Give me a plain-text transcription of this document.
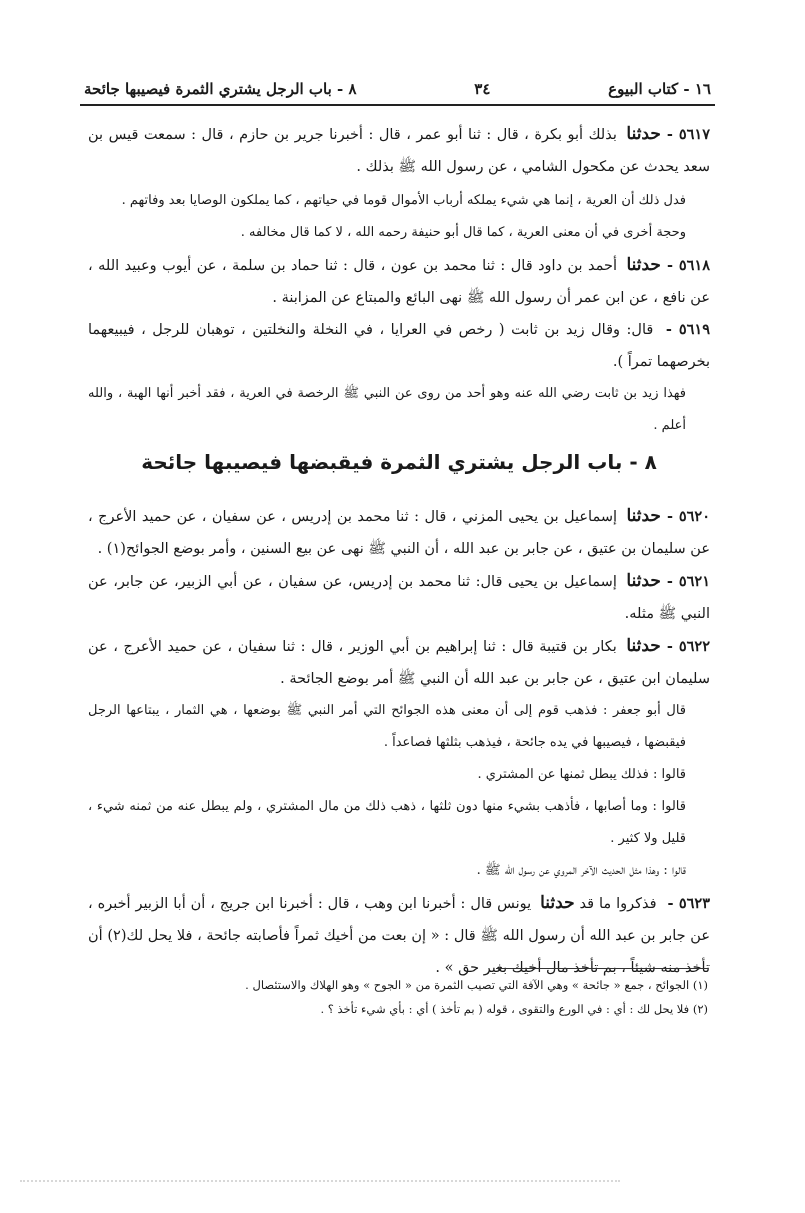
١٦ - كتاب البيوع
٣٤
٨ - باب الرجل يشتري الثمرة فيصيبها جائحة

٥٦١٧ -حدثنا بذلك أبو بكرة ، قال : ثنا أبو عمر ، قال : أخبرنا جرير بن حازم ، قال : سمعت قيس بن سعد يحدث عن مكحول الشامي ، عن رسول الله ﷺ بذلك .

فدل ذلك أن العرية ، إنما هي شيء يملكه أرباب الأموال قوما في حياتهم ، كما يملكون الوصايا بعد وفاتهم .

وحجة أخرى في أن معنى العرية ، كما قال أبو حنيفة رحمه الله ، لا كما قال مخالفه .

٥٦١٨ -حدثنا أحمد بن داود قال : ثنا محمد بن عون ، قال : ثنا حماد بن سلمة ، عن أيوب وعبيد الله ، عن نافع ، عن ابن عمر أن رسول الله ﷺ نهى البائع والمبتاع عن المزابنة .

٥٦١٩ - قال: وقال زيد بن ثابت ( رخص في العرايا ، في النخلة والنخلتين ، توهبان للرجل ، فيبيعهما بخرصهما تمراً ).

فهذا زيد بن ثابت رضي الله عنه وهو أحد من روى عن النبي ﷺ الرخصة في العرية ، فقد أخبر أنها الهبة ، والله أعلم .

٨ - باب الرجل يشتري الثمرة فيقبضها فيصيبها جائحة

٥٦٢٠ -حدثنا إسماعيل بن يحيى المزني ، قال : ثنا محمد بن إدريس ، عن سفيان ، عن حميد الأعرج ، عن سليمان بن عتيق ، عن جابر بن عبد الله ، أن النبي ﷺ نهى عن بيع السنين ، وأمر بوضع الجوائح(١) .

٥٦٢١ -حدثنا إسماعيل بن يحيى قال: ثنا محمد بن إدريس، عن سفيان ، عن أبي الزبير، عن جابر، عن النبي ﷺ مثله.

٥٦٢٢ -حدثنا بكار بن قتيبة قال : ثنا إبراهيم بن أبي الوزير ، قال : ثنا سفيان ، عن حميد الأعرج ، عن سليمان ابن عتيق ، عن جابر بن عبد الله أن النبي ﷺ أمر بوضع الجائحة .

قال أبو جعفر : فذهب قوم إلى أن معنى هذه الجوائح التي أمر النبي ﷺ بوضعها ، هي الثمار ، يبتاعها الرجل فيقبضها ، فيصيبها في يده جائحة ، فيذهب بثلثها فصاعداً .

قالوا : فذلك يبطل ثمنها عن المشتري .

قالوا : وما أصابها ، فأذهب بشيء منها دون ثلثها ، ذهب ذلك من مال المشتري ، ولم يبطل عنه من ثمنه شيء ، قليل ولا كثير .

قالوا : وهذا مثل الحديث الآخر المروي عن رسول الله ﷺ .

٥٦٢٣ - فذكروا ما قد حدثنا يونس قال : أخبرنا ابن وهب ، قال : أخبرنا ابن جريج ، أن أبا الزبير أخبره ، عن جابر بن عبد الله أن رسول الله ﷺ قال : « إن بعت من أخيك ثمراً فأصابته جائحة ، فلا يحل لك(٢) أن تأخذ منه شيئاً ، بم تأخذ مال أخيك بغير حق » .

(١) الجوائح ، جمع « جائحة » وهي الآفة التي تصيب الثمرة من « الجوح » وهو الهلاك والاستئصال .
(٢) فلا يحل لك : أي : في الورع والتقوى ، قوله ( بم تأخذ ) أي : بأي شيء تأخذ ؟ .
